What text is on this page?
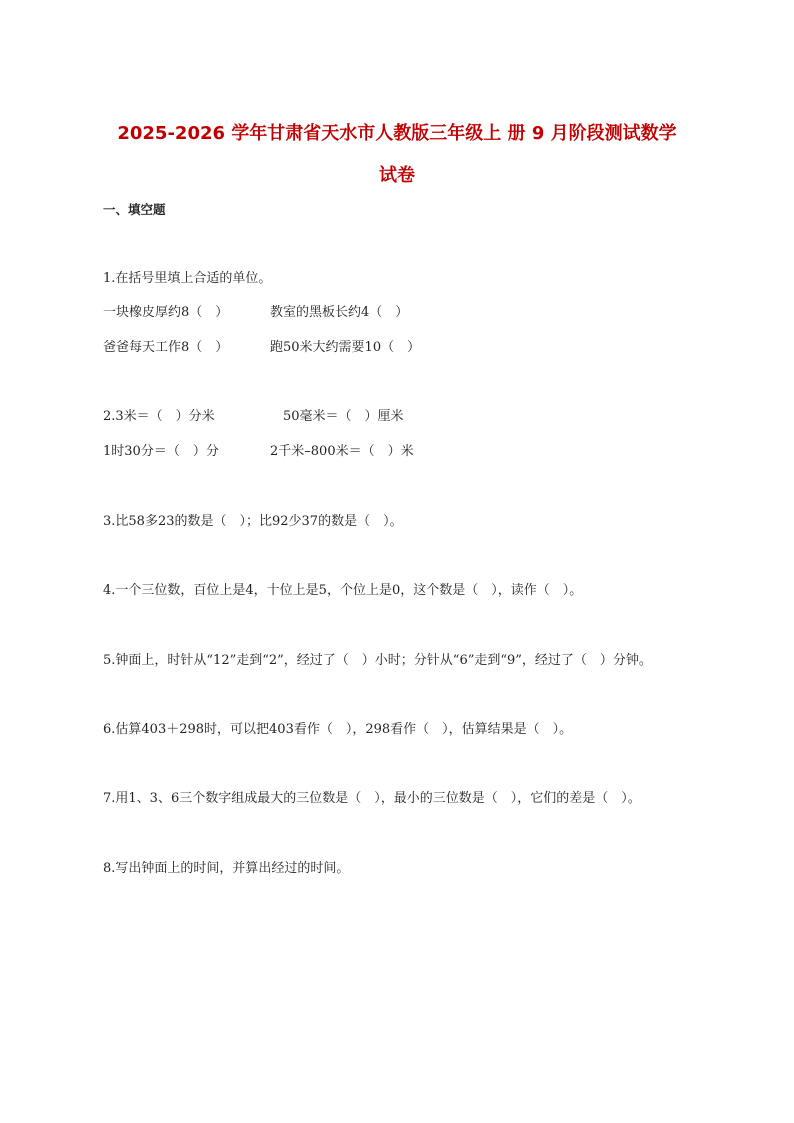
2025-2026 学年甘肃省天水市人教版三年级上 册 9 月阶段测试数学
试卷
一、填空题
1.在括号里填上合适的单位。
一块橡皮厚约8（　）	教室的黑板长约4（　）
爸爸每天工作8（　）	跑50米大约需要10（　）
2.3米＝（　）分米	50毫米＝（　）厘米
1时30分＝（　）分	2千米–800米＝（　）米
3.比58多23的数是（　）；比92少37的数是（　）。
4.一个三位数，百位上是4，十位上是5，个位上是0，这个数是（　），读作（　）。
5.钟面上，时针从“12”走到“2”，经过了（　）小时；分针从“6”走到“9”，经过了（　）分钟。
6.估算403＋298时，可以把403看作（　），298看作（　），估算结果是（　）。
7.用1、3、6三个数字组成最大的三位数是（　），最小的三位数是（　），它们的差是（　）。
8.写出钟面上的时间，并算出经过的时间。
